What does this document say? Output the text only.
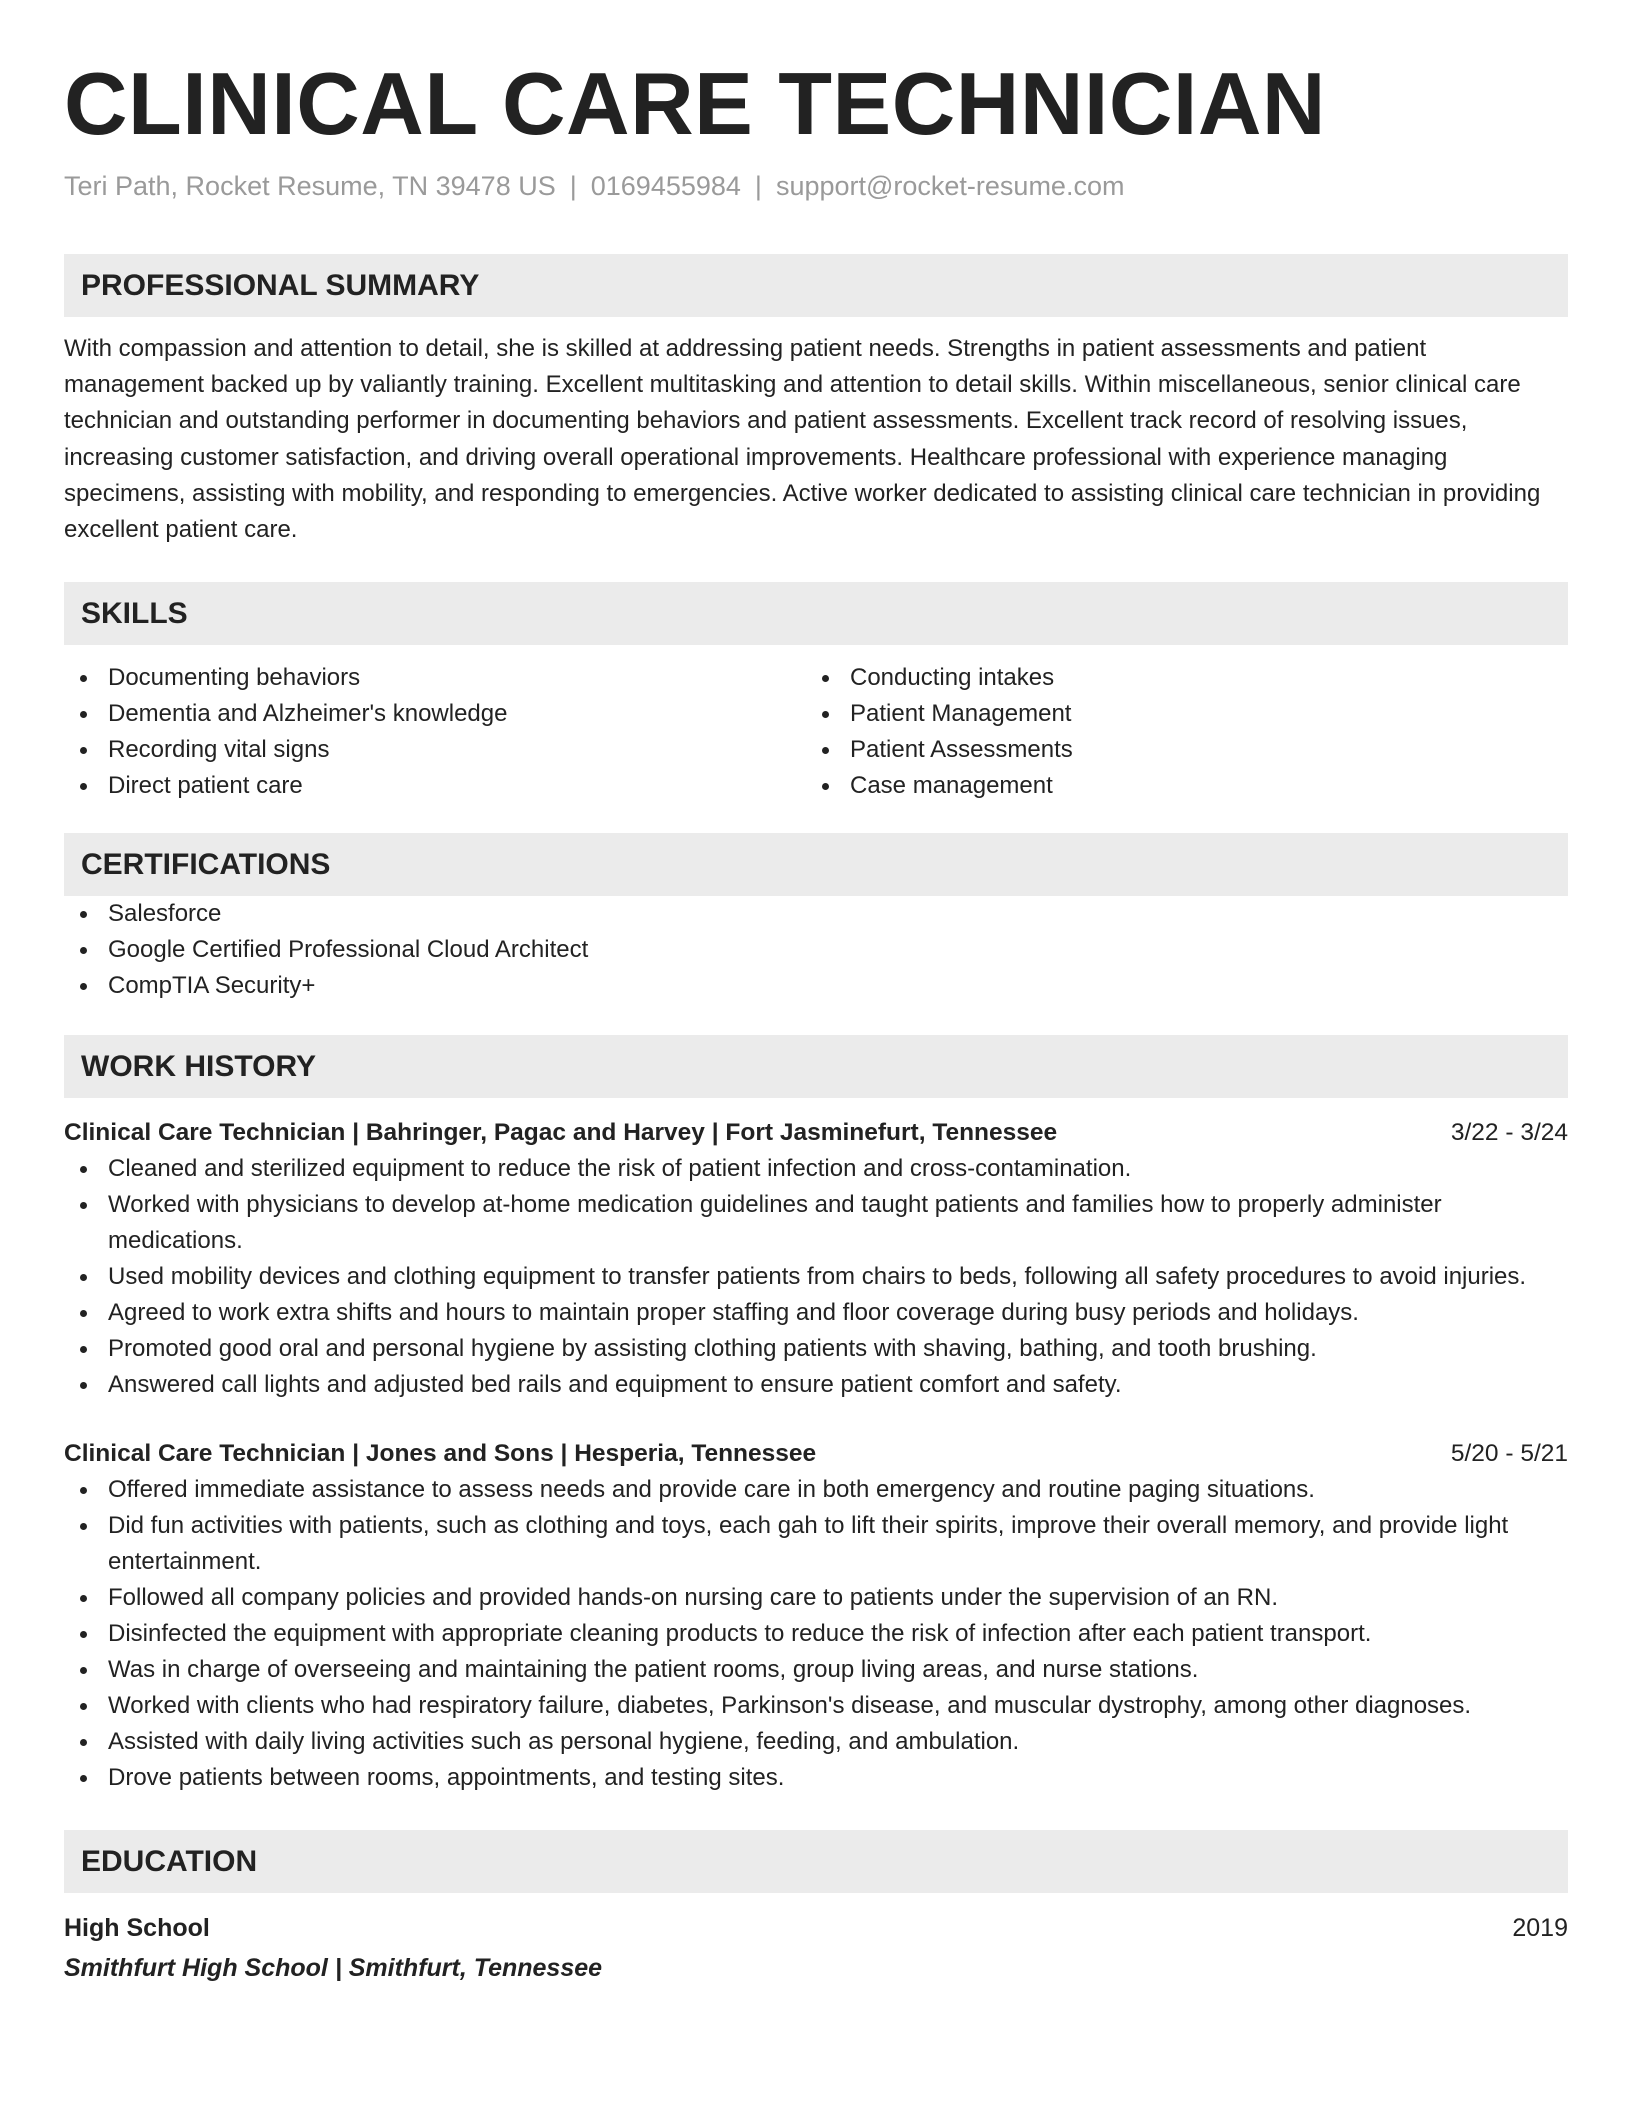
CLINICAL CARE TECHNICIAN
Teri Path, Rocket Resume, TN 39478 US | 0169455984 | support@rocket-resume.com
PROFESSIONAL SUMMARY

With compassion and attention to detail, she is skilled at addressing patient needs. Strengths in patient assessments and patient management backed up by valiantly training. Excellent multitasking and attention to detail skills. Within miscellaneous, senior clinical care technician and outstanding performer in documenting behaviors and patient assessments. Excellent track record of resolving issues, increasing customer satisfaction, and driving overall operational improvements. Healthcare professional with experience managing specimens, assisting with mobility, and responding to emergencies. Active worker dedicated to assisting clinical care technician in providing excellent patient care.

SKILLS
Documenting behaviors
Dementia and Alzheimer's knowledge
Recording vital signs
Direct patient care
Conducting intakes
Patient Management
Patient Assessments
Case management
CERTIFICATIONS
Salesforce
Google Certified Professional Cloud Architect
CompTIA Security+
WORK HISTORY
Clinical Care Technician | Bahringer, Pagac and Harvey | Fort Jasminefurt, Tennessee	3/22 - 3/24
Cleaned and sterilized equipment to reduce the risk of patient infection and cross-contamination.
Worked with physicians to develop at-home medication guidelines and taught patients and families how to properly administer medications.
Used mobility devices and clothing equipment to transfer patients from chairs to beds, following all safety procedures to avoid injuries.
Agreed to work extra shifts and hours to maintain proper staffing and floor coverage during busy periods and holidays.
Promoted good oral and personal hygiene by assisting clothing patients with shaving, bathing, and tooth brushing.
Answered call lights and adjusted bed rails and equipment to ensure patient comfort and safety.
Clinical Care Technician | Jones and Sons | Hesperia, Tennessee	5/20 - 5/21
Offered immediate assistance to assess needs and provide care in both emergency and routine paging situations.
Did fun activities with patients, such as clothing and toys, each gah to lift their spirits, improve their overall memory, and provide light entertainment.
Followed all company policies and provided hands-on nursing care to patients under the supervision of an RN.
Disinfected the equipment with appropriate cleaning products to reduce the risk of infection after each patient transport.
Was in charge of overseeing and maintaining the patient rooms, group living areas, and nurse stations.
Worked with clients who had respiratory failure, diabetes, Parkinson's disease, and muscular dystrophy, among other diagnoses.
Assisted with daily living activities such as personal hygiene, feeding, and ambulation.
Drove patients between rooms, appointments, and testing sites.
EDUCATION
High School	2019
Smithfurt High School | Smithfurt, Tennessee
